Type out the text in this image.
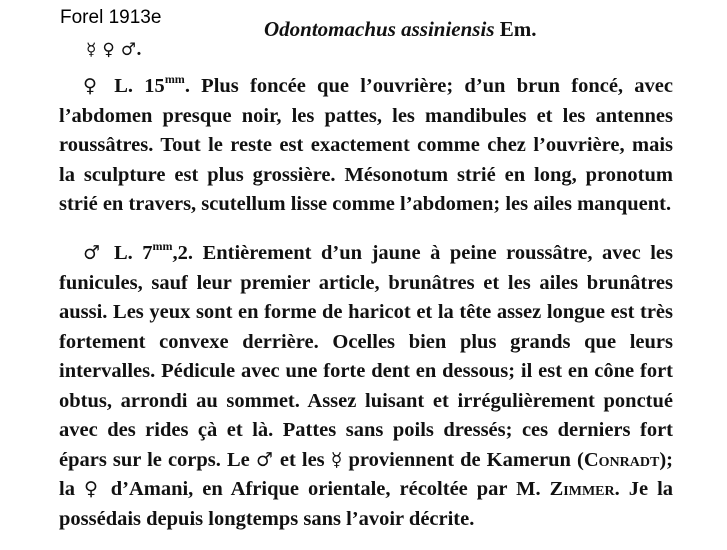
Forel 1913e	Odontomachus assiniensis Em.
☿ ♀ ♂.

♀ L. $15^{mm}$. Plus foncée que l’ouvrière; d’un brun foncé, avec l’abdomen presque noir, les pattes, les mandibules et les antennes roussâtres. Tout le reste est exactement comme chez l’ouvrière, mais la sculpture est plus grossière. Mésonotum strié en long, pronotum strié en travers, scutellum lisse comme l’abdomen; les ailes manquent.

♂ L. $7^{mm},2$. Entièrement d’un jaune à peine roussâtre, avec les funicules, sauf leur premier article, brunâtres et les ailes brunâtres aussi. Les yeux sont en forme de haricot et la tête assez longue est très fortement convexe derrière. Ocelles bien plus grands que leurs intervalles. Pédicule avec une forte dent en dessous; il est en cône fort obtus, arrondi au sommet. Assez luisant et irrégulièrement ponctué avec des rides çà et là. Pattes sans poils dressés; ces derniers fort épars sur le corps. Le ♂ et les ☿ proviennent de Kamerun (Conradt); la ♀ d’Amani, en Afrique orientale, récoltée par M. Zimmer. Je la possédais depuis longtemps sans l’avoir décrite.
